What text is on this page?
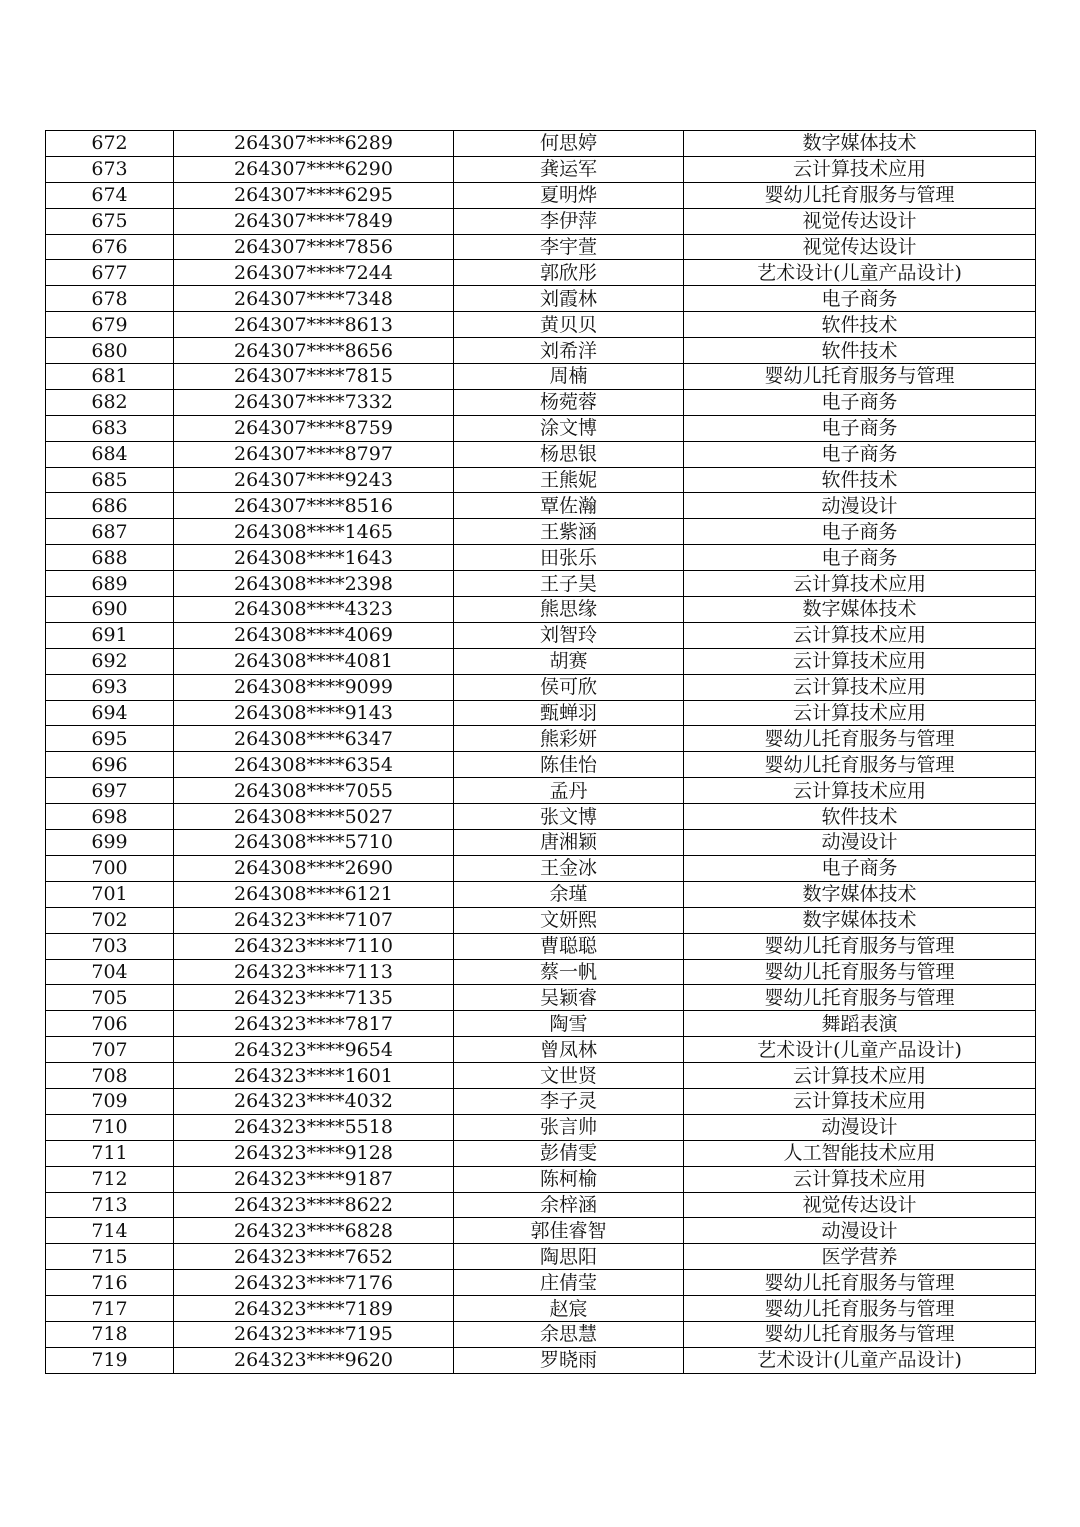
672	264307****6289	何思婷	数字媒体技术
673	264307****6290	龚运军	云计算技术应用
674	264307****6295	夏明烨	婴幼儿托育服务与管理
675	264307****7849	李伊萍	视觉传达设计
676	264307****7856	李宇萱	视觉传达设计
677	264307****7244	郭欣彤	艺术设计(儿童产品设计)
678	264307****7348	刘霞林	电子商务
679	264307****8613	黄贝贝	软件技术
680	264307****8656	刘希洋	软件技术
681	264307****7815	周楠	婴幼儿托育服务与管理
682	264307****7332	杨菀蓉	电子商务
683	264307****8759	涂文博	电子商务
684	264307****8797	杨思银	电子商务
685	264307****9243	王熊妮	软件技术
686	264307****8516	覃佐瀚	动漫设计
687	264308****1465	王紫涵	电子商务
688	264308****1643	田张乐	电子商务
689	264308****2398	王子昊	云计算技术应用
690	264308****4323	熊思缘	数字媒体技术
691	264308****4069	刘智玲	云计算技术应用
692	264308****4081	胡赛	云计算技术应用
693	264308****9099	侯可欣	云计算技术应用
694	264308****9143	甄蝉羽	云计算技术应用
695	264308****6347	熊彩妍	婴幼儿托育服务与管理
696	264308****6354	陈佳怡	婴幼儿托育服务与管理
697	264308****7055	孟丹	云计算技术应用
698	264308****5027	张文博	软件技术
699	264308****5710	唐湘颖	动漫设计
700	264308****2690	王金冰	电子商务
701	264308****6121	余瑾	数字媒体技术
702	264323****7107	文妍熙	数字媒体技术
703	264323****7110	曹聪聪	婴幼儿托育服务与管理
704	264323****7113	蔡一帆	婴幼儿托育服务与管理
705	264323****7135	吴颖睿	婴幼儿托育服务与管理
706	264323****7817	陶雪	舞蹈表演
707	264323****9654	曾凤林	艺术设计(儿童产品设计)
708	264323****1601	文世贤	云计算技术应用
709	264323****4032	李子灵	云计算技术应用
710	264323****5518	张言帅	动漫设计
711	264323****9128	彭倩雯	人工智能技术应用
712	264323****9187	陈柯榆	云计算技术应用
713	264323****8622	余梓涵	视觉传达设计
714	264323****6828	郭佳睿智	动漫设计
715	264323****7652	陶思阳	医学营养
716	264323****7176	庄倩莹	婴幼儿托育服务与管理
717	264323****7189	赵宸	婴幼儿托育服务与管理
718	264323****7195	余思慧	婴幼儿托育服务与管理
719	264323****9620	罗晓雨	艺术设计(儿童产品设计)
